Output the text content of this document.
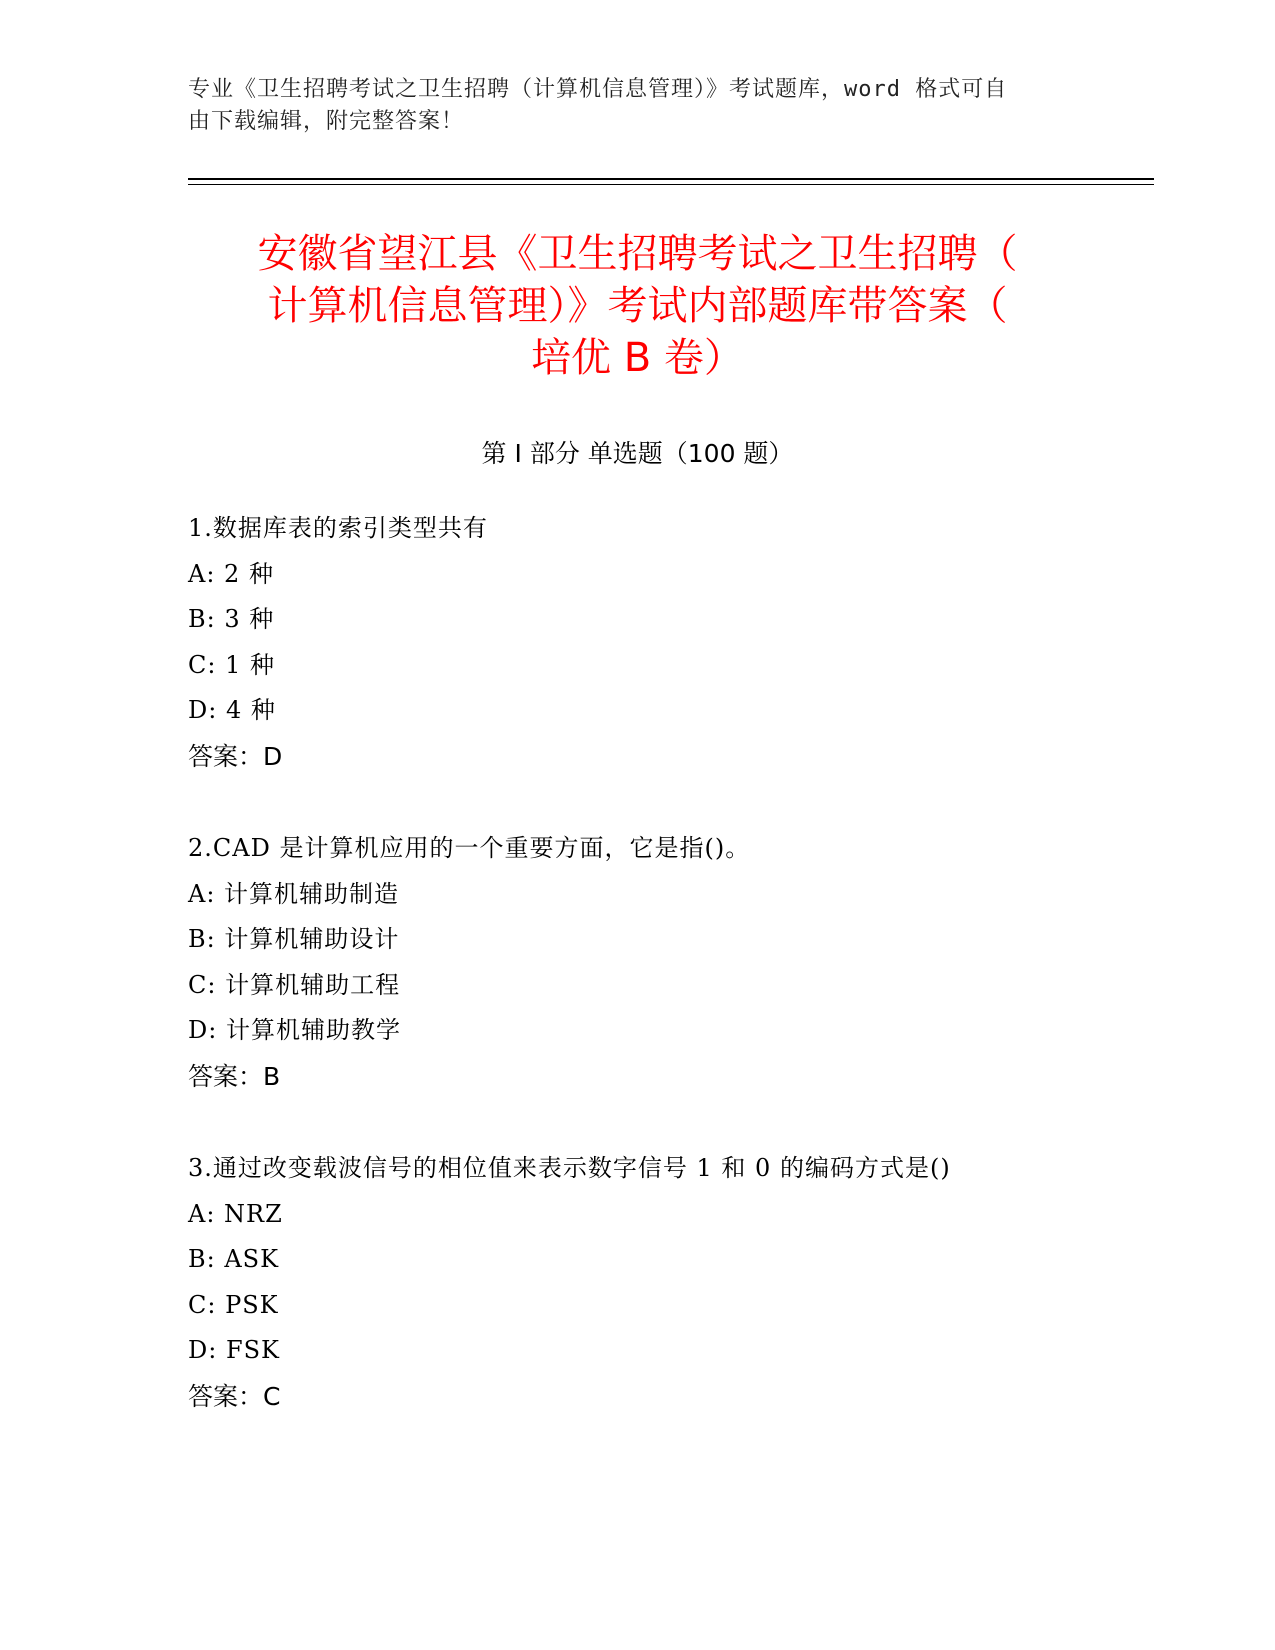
专业《卫生招聘考试之卫生招聘（计算机信息管理）》考试题库，word 格式可自
由下载编辑，附完整答案！
安徽省望江县《卫生招聘考试之卫生招聘（
计算机信息管理）》考试内部题库带答案（
培优 B 卷）
第 I 部分 单选题（100 题）
1.数据库表的索引类型共有
A: 2 种
B: 3 种
C: 1 种
D: 4 种
答案：D
2.CAD 是计算机应用的一个重要方面，它是指()。
A: 计算机辅助制造
B: 计算机辅助设计
C: 计算机辅助工程
D: 计算机辅助教学
答案：B
3.通过改变载波信号的相位值来表示数字信号 1 和 0 的编码方式是()
A: NRZ
B: ASK
C: PSK
D: FSK
答案：C
